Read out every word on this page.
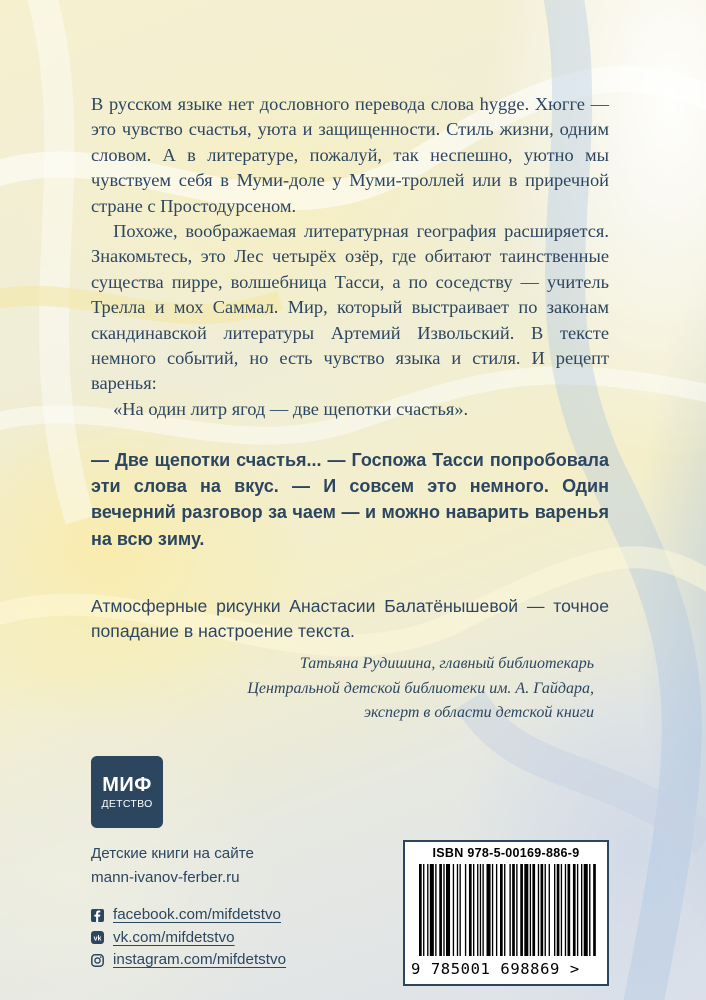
В русском языке нет дословного перевода слова hygge. Хюгге — это чувство счастья, уюта и защищенности. Стиль жизни, одним словом. А в литературе, пожалуй, так неспешно, уютно мы чувствуем себя в Муми-доле у Муми-троллей или в приречной стране с Простодурсеном.

Похоже, воображаемая литературная география расширяется. Знакомьтесь, это Лес четырёх озёр, где обитают таинственные существа пирре, волшебница Тасси, а по соседству — учитель Трелла и мох Саммал. Мир, который выстраивает по законам скандинавской литературы Артемий Извольский. В тексте немного событий, но есть чувство языка и стиля. И рецепт варенья:

«На один литр ягод — две щепотки счастья».

— Две щепотки счастья... — Госпожа Тасси попробовала эти слова на вкус. — И совсем это немного. Один вечерний разговор за чаем — и можно наварить варенья на всю зиму.
Атмосферные рисунки Анастасии Балатёнышевой — точное попадание в настроение текста.
Татьяна Рудишина, главный библиотекарь
Центральной детской библиотеки им. А. Гайдара,
эксперт в области детской книги
МИФ
ДЕТСТВО
Детские книги на сайте
mann-ivanov-ferber.ru
facebook.com/mifdetstvo
vk vk.com/mifdetstvo
instagram.com/mifdetstvo
ISBN 978-5-00169-886-9
9 785001 698869 >
